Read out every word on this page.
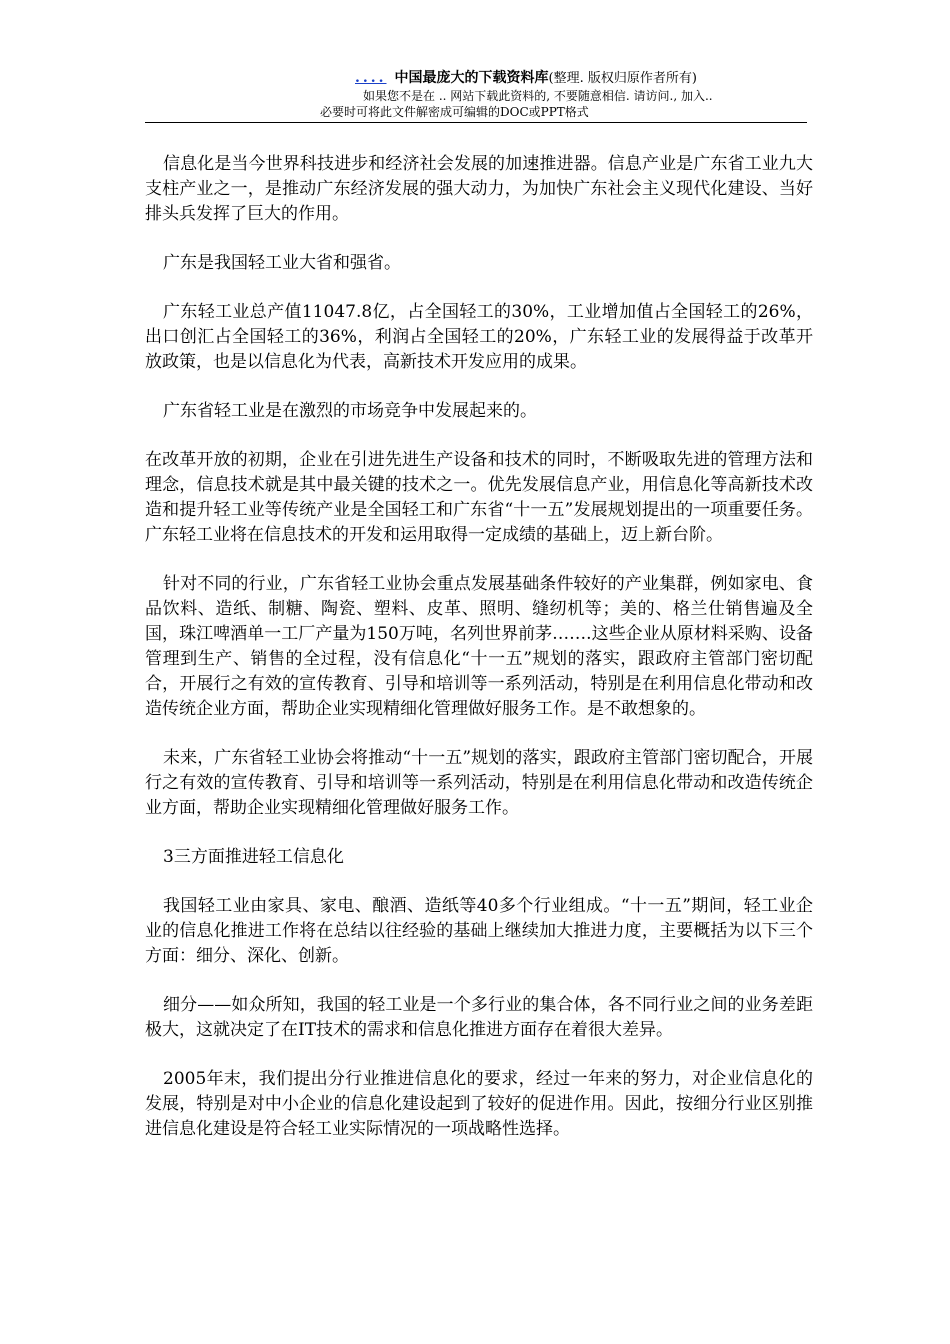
.... 中国最庞大的下载资料库(整理. 版权归原作者所有)
如果您不是在 .. 网站下载此资料的, 不要随意相信. 请访问., 加入..
必要时可将此文件解密成可编辑的DOC或PPT格式

信息化是当今世界科技进步和经济社会发展的加速推进器。信息产业是广东省工业九大支柱产业之一，是推动广东经济发展的强大动力，为加快广东社会主义现代化建设、当好排头兵发挥了巨大的作用。

广东是我国轻工业大省和强省。

广东轻工业总产值11047.8亿，占全国轻工的30%，工业增加值占全国轻工的26%，出口创汇占全国轻工的36%，利润占全国轻工的20%，广东轻工业的发展得益于改革开放政策，也是以信息化为代表，高新技术开发应用的成果。

广东省轻工业是在激烈的市场竞争中发展起来的。

在改革开放的初期，企业在引进先进生产设备和技术的同时，不断吸取先进的管理方法和理念，信息技术就是其中最关键的技术之一。优先发展信息产业，用信息化等高新技术改造和提升轻工业等传统产业是全国轻工和广东省“十一五”发展规划提出的一项重要任务。广东轻工业将在信息技术的开发和运用取得一定成绩的基础上，迈上新台阶。

针对不同的行业，广东省轻工业协会重点发展基础条件较好的产业集群，例如家电、食品饮料、造纸、制糖、陶瓷、塑料、皮革、照明、缝纫机等；美的、格兰仕销售遍及全国，珠江啤酒单一工厂产量为150万吨，名列世界前茅…….这些企业从原材料采购、设备管理到生产、销售的全过程，没有信息化“十一五”规划的落实，跟政府主管部门密切配合，开展行之有效的宣传教育、引导和培训等一系列活动，特别是在利用信息化带动和改造传统企业方面，帮助企业实现精细化管理做好服务工作。是不敢想象的。

未来，广东省轻工业协会将推动“十一五”规划的落实，跟政府主管部门密切配合，开展行之有效的宣传教育、引导和培训等一系列活动，特别是在利用信息化带动和改造传统企业方面，帮助企业实现精细化管理做好服务工作。

3三方面推进轻工信息化

我国轻工业由家具、家电、酿酒、造纸等40多个行业组成。“十一五”期间，轻工业企业的信息化推进工作将在总结以往经验的基础上继续加大推进力度，主要概括为以下三个方面：细分、深化、创新。

细分——如众所知，我国的轻工业是一个多行业的集合体，各不同行业之间的业务差距极大，这就决定了在IT技术的需求和信息化推进方面存在着很大差异。

2005年末，我们提出分行业推进信息化的要求，经过一年来的努力，对企业信息化的发展，特别是对中小企业的信息化建设起到了较好的促进作用。因此，按细分行业区别推进信息化建设是符合轻工业实际情况的一项战略性选择。
